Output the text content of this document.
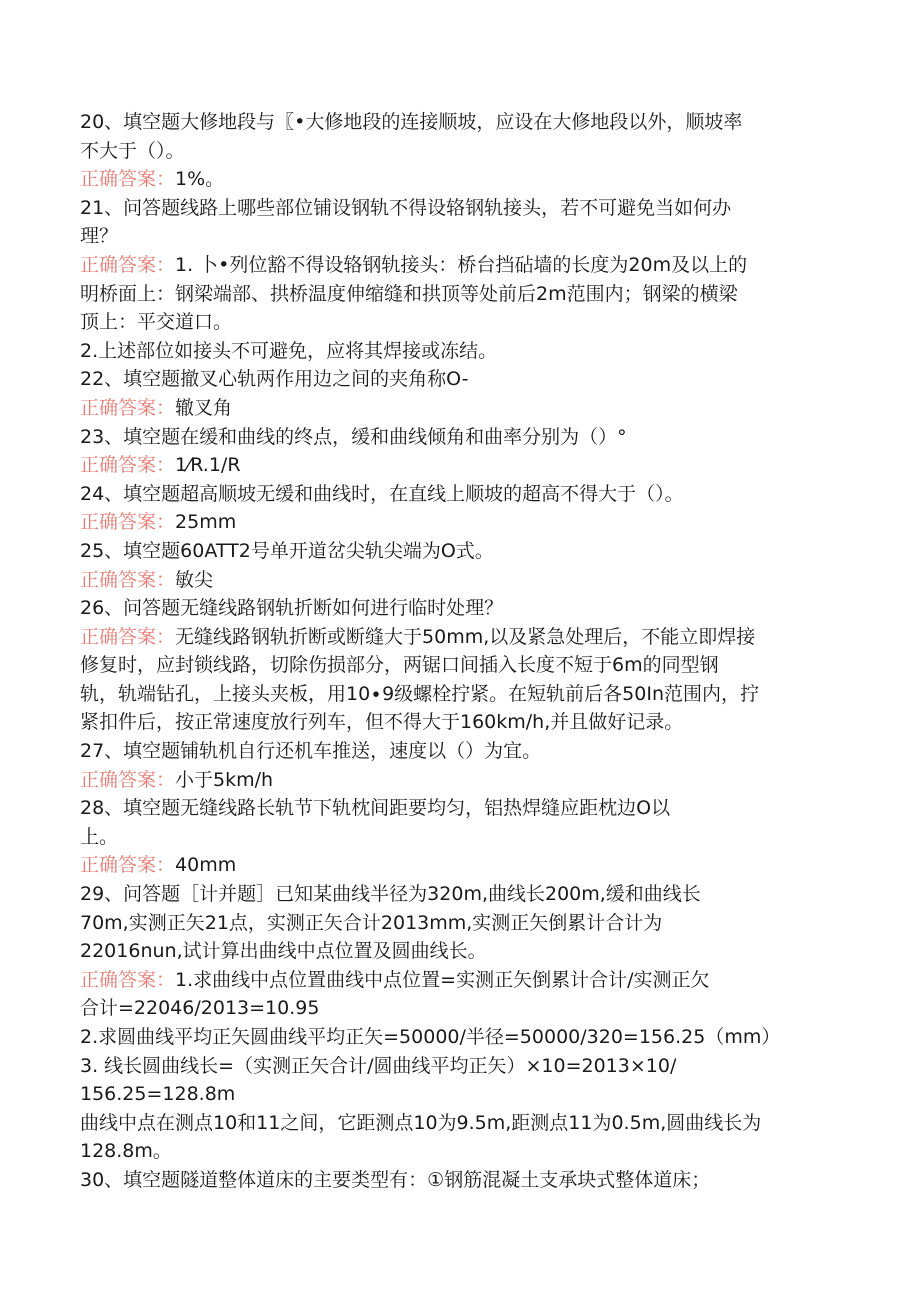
20、填空题大修地段与〖•大修地段的连接顺坡，应设在大修地段以外，顺坡率
不大于（）。
正确答案：1%。
21、问答题线路上哪些部位铺设钢轨不得设辂钢轨接头，若不可避免当如何办
理？
正确答案：1. 卜•列位豁不得设辂钢轨接头：桥台挡砧墙的长度为20m及以上的
明桥面上：钢梁端部、拱桥温度伸缩缝和拱顶等处前后2m范围内；钢梁的横梁
顶上：平交道口。
2.上述部位如接头不可避免，应将其焊接或冻结。
22、填空题撤叉心轨两作用边之间的夹角称O-
正确答案：辙叉角
23、填空题在缓和曲线的终点，缓和曲线倾角和曲率分别为（）°
正确答案：1⁄R.1/R
24、填空题超高顺坡无缓和曲线时，在直线上顺坡的超高不得大于（）。
正确答案：25mm
25、填空题60ATT2号单开道岔尖轨尖端为O式。
正确答案：敏尖
26、问答题无缝线路钢轨折断如何进行临时处理？
正确答案：无缝线路钢轨折断或断缝大于50mm,以及紧急处理后，不能立即焊接
修复时，应封锁线路，切除伤损部分，两锯口间插入长度不短于6m的同型钢
轨，轨端钻孔，上接头夹板，用10∙9级螺栓拧紧。在短轨前后各50In范围内，拧
紧扣件后，按正常速度放行列车，但不得大于160km∕h,并且做好记录。
27、填空题铺轨机自行还机车推送，速度以（）为宜。
正确答案：小于5km∕h
28、填空题无缝线路长轨节下轨枕间距要均匀，铝热焊缝应距枕边O以
上。
正确答案：40mm
29、问答题［计并题］已知某曲线半径为320m,曲线长200m,缓和曲线长
70m,实测正矢21点，实测正矢合计2013mm,实测正矢倒累计合计为
22016nun,试计算出曲线中点位置及圆曲线长。
正确答案：1.求曲线中点位置曲线中点位置=实测正矢倒累计合计/实测正欠
合计=22046/2013=10.95
2.求圆曲线平均正矢圆曲线平均正矢=50000/半径=50000/320=156.25（mm）
3. 线长圆曲线长=（实测正矢合计/圆曲线平均正矢）×10=2013×10/
156.25=128.8m
曲线中点在测点10和11之间，它距测点10为9.5m,距测点11为0.5m,圆曲线长为
128.8m。
30、填空题隧道整体道床的主要类型有：①钢筋混凝土支承块式整体道床；
